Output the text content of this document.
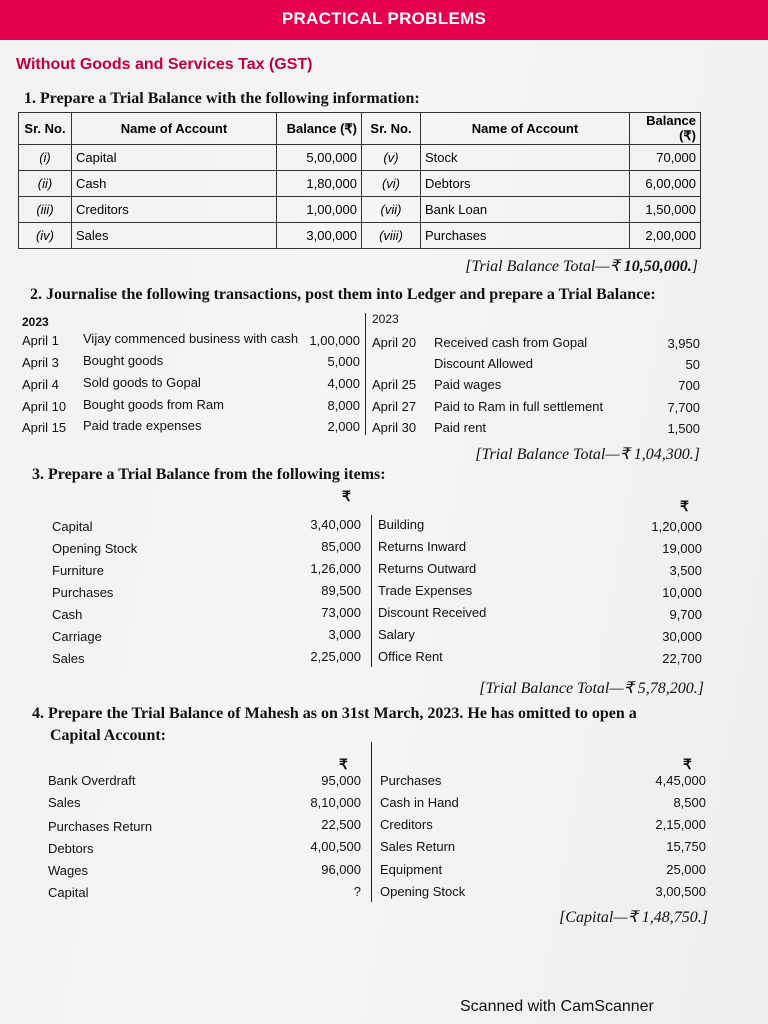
PRACTICAL PROBLEMS
Without Goods and Services Tax (GST)
1. Prepare a Trial Balance with the following information:
Sr. No.	Name of Account	Balance (₹)	Sr. No.	Name of Account	Balance (₹)
(i)	Capital	5,00,000	(v)	Stock	70,000
(ii)	Cash	1,80,000	(vi)	Debtors	6,00,000
(iii)	Creditors	1,00,000	(vii)	Bank Loan	1,50,000
(iv)	Sales	3,00,000	(viii)	Purchases	2,00,000
[Trial Balance Total—₹ 10,50,000.]
2. Journalise the following transactions, post them into Ledger and prepare a Trial Balance:
2023	2023
April 1 Vijay commenced business with cash 1,00,000
April 3 Bought goods	5,000
April 4 Sold goods to Gopal	4,000
April 10 Bought goods from Ram	8,000
April 15 Paid trade expenses	2,000
April 20 Received cash from Gopal	3,950
Discount Allowed	50
April 25 Paid wages	700
April 27 Paid to Ram in full settlement	7,700
April 30 Paid rent	1,500
[Trial Balance Total—₹ 1,04,300.]
3. Prepare a Trial Balance from the following items:
₹
₹
Capital	3,40,000
Opening Stock	85,000
Furniture	1,26,000
Purchases	89,500
Cash	73,000
Carriage	3,000
Sales	2,25,000
Building	1,20,000
Returns Inward	19,000
Returns Outward	3,500
Trade Expenses	10,000
Discount Received	9,700
Salary	30,000
Office Rent	22,700
[Trial Balance Total—₹ 5,78,200.]
4. Prepare the Trial Balance of Mahesh as on 31st March, 2023. He has omitted to open a
Capital Account:
₹	₹
Bank Overdraft	95,000
Sales	8,10,000
Purchases Return	22,500
Debtors	4,00,500
Wages	96,000
Capital	?
Purchases	4,45,000
Cash in Hand	8,500
Creditors	2,15,000
Sales Return	15,750
Equipment	25,000
Opening Stock	3,00,500
[Capital—₹ 1,48,750.]
Scanned with CamScanner
